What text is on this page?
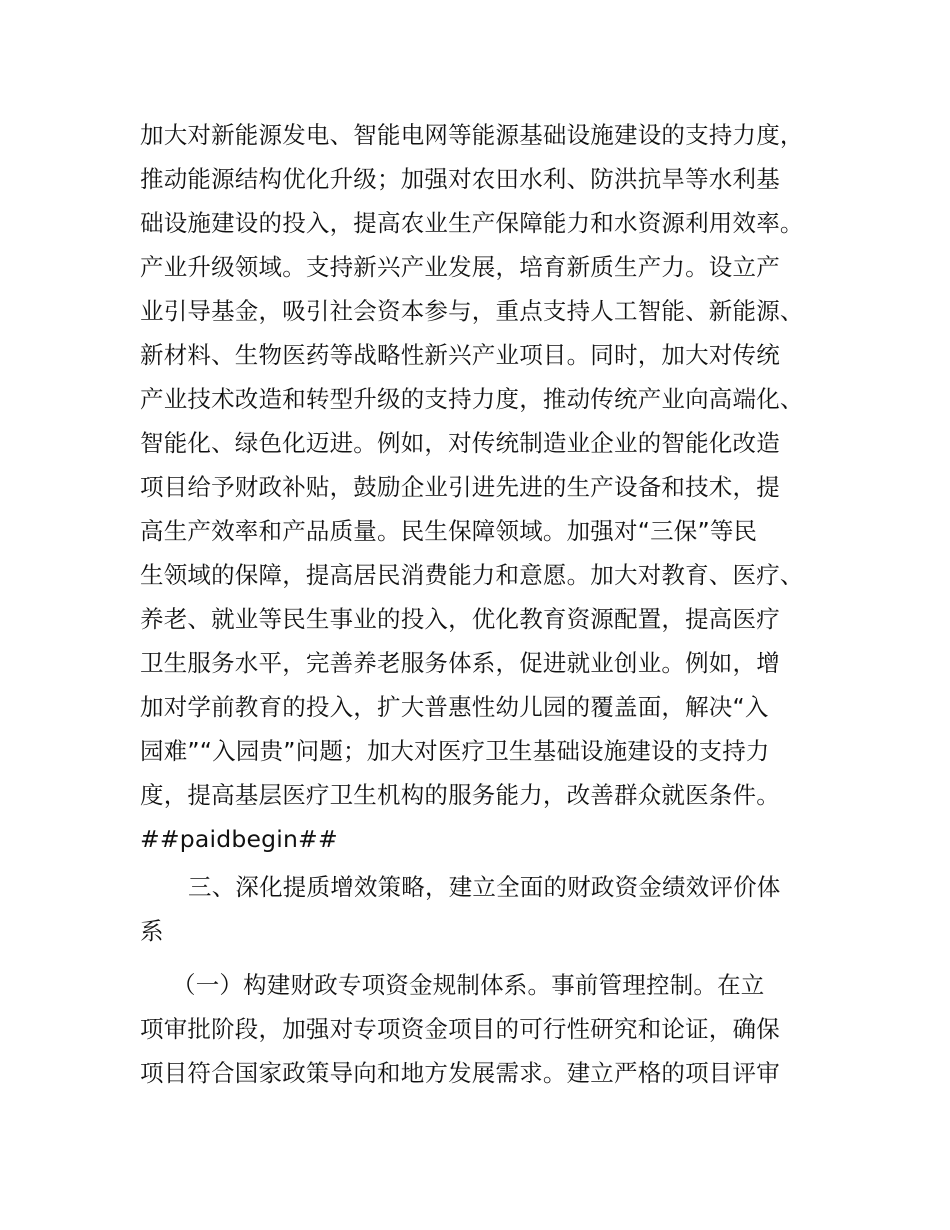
加大对新能源发电、智能电网等能源基础设施建设的支持力度，
推动能源结构优化升级；加强对农田水利、防洪抗旱等水利基
础设施建设的投入，提高农业生产保障能力和水资源利用效率。
产业升级领域。支持新兴产业发展，培育新质生产力。设立产
业引导基金，吸引社会资本参与，重点支持人工智能、新能源、
新材料、生物医药等战略性新兴产业项目。同时，加大对传统
产业技术改造和转型升级的支持力度，推动传统产业向高端化、
智能化、绿色化迈进。例如，对传统制造业企业的智能化改造
项目给予财政补贴，鼓励企业引进先进的生产设备和技术，提
高生产效率和产品质量。民生保障领域。加强对“三保”等民
生领域的保障，提高居民消费能力和意愿。加大对教育、医疗、
养老、就业等民生事业的投入，优化教育资源配置，提高医疗
卫生服务水平，完善养老服务体系，促进就业创业。例如，增
加对学前教育的投入，扩大普惠性幼儿园的覆盖面，解决“入
园难”“入园贵”问题；加大对医疗卫生基础设施建设的支持力
度，提高基层医疗卫生机构的服务能力，改善群众就医条件。
##paidbegin##
三、深化提质增效策略，建立全面的财政资金绩效评价体
系
（一）构建财政专项资金规制体系。事前管理控制。在立
项审批阶段，加强对专项资金项目的可行性研究和论证，确保
项目符合国家政策导向和地方发展需求。建立严格的项目评审
